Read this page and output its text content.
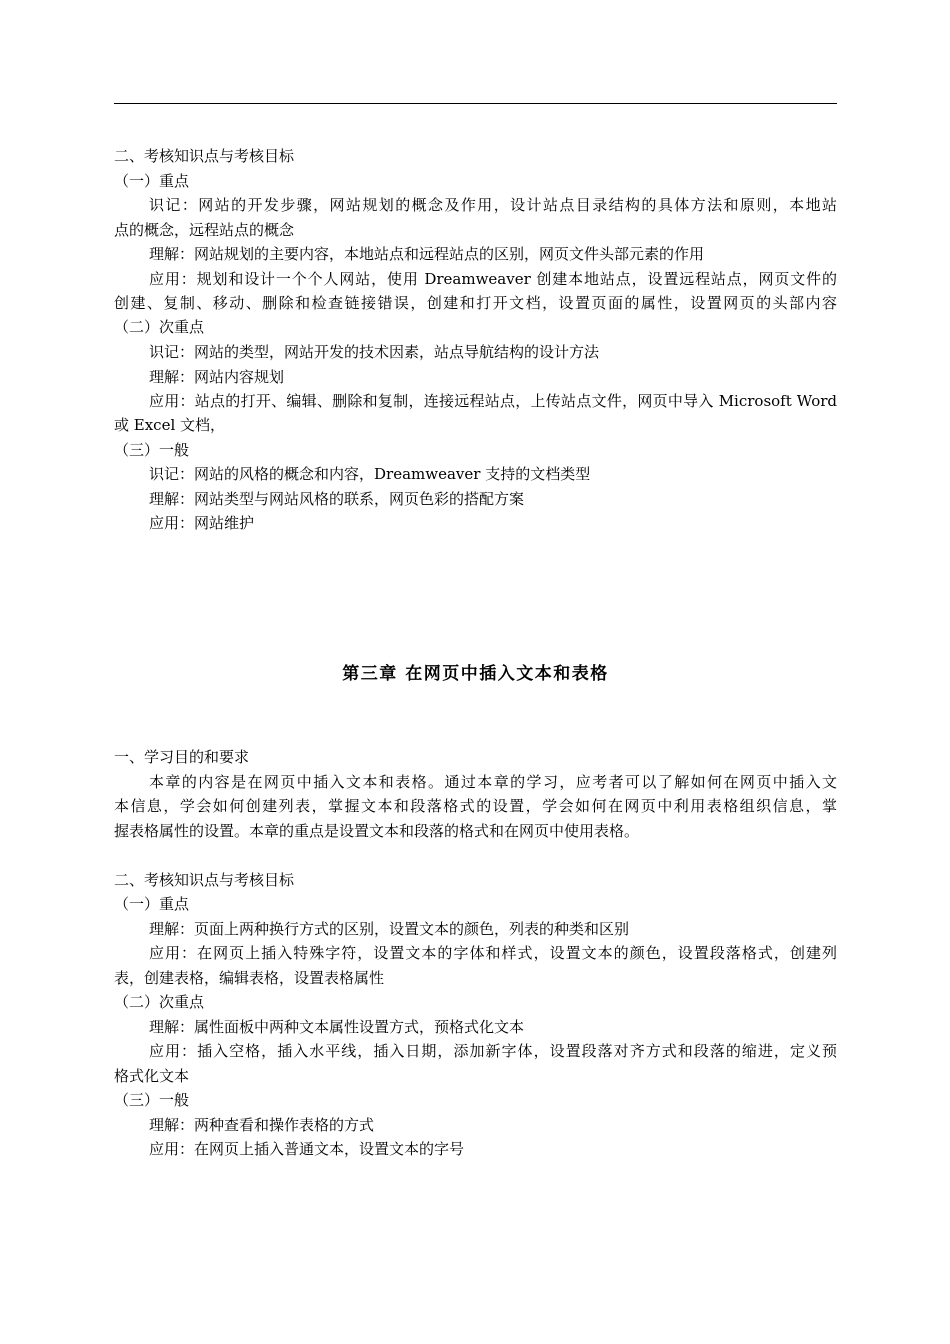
二、考核知识点与考核目标
（一）重点
识记：网站的开发步骤，网站规划的概念及作用，设计站点目录结构的具体方法和原则，本地站
点的概念，远程站点的概念
理解：网站规划的主要内容，本地站点和远程站点的区别，网页文件头部元素的作用
应用：规划和设计一个个人网站，使用 Dreamweaver 创建本地站点，设置远程站点，网页文件的
创建、复制、移动、删除和检查链接错误，创建和打开文档，设置页面的属性，设置网页的头部内容
（二）次重点
识记：网站的类型，网站开发的技术因素，站点导航结构的设计方法
理解：网站内容规划
应用：站点的打开、编辑、删除和复制，连接远程站点，上传站点文件，网页中导入 Microsoft Word
或 Excel 文档，
（三）一般
识记：网站的风格的概念和内容，Dreamweaver 支持的文档类型
理解：网站类型与网站风格的联系，网页色彩的搭配方案
应用：网站维护
第三章 在网页中插入文本和表格
一、学习目的和要求
本章的内容是在网页中插入文本和表格。通过本章的学习，应考者可以了解如何在网页中插入文
本信息，学会如何创建列表，掌握文本和段落格式的设置，学会如何在网页中利用表格组织信息，掌
握表格属性的设置。本章的重点是设置文本和段落的格式和在网页中使用表格。
二、考核知识点与考核目标
（一）重点
理解：页面上两种换行方式的区别，设置文本的颜色，列表的种类和区别
应用：在网页上插入特殊字符，设置文本的字体和样式，设置文本的颜色，设置段落格式，创建列
表，创建表格，编辑表格，设置表格属性
（二）次重点
理解：属性面板中两种文本属性设置方式，预格式化文本
应用：插入空格，插入水平线，插入日期，添加新字体，设置段落对齐方式和段落的缩进，定义预
格式化文本
（三）一般
理解：两种查看和操作表格的方式
应用：在网页上插入普通文本，设置文本的字号
